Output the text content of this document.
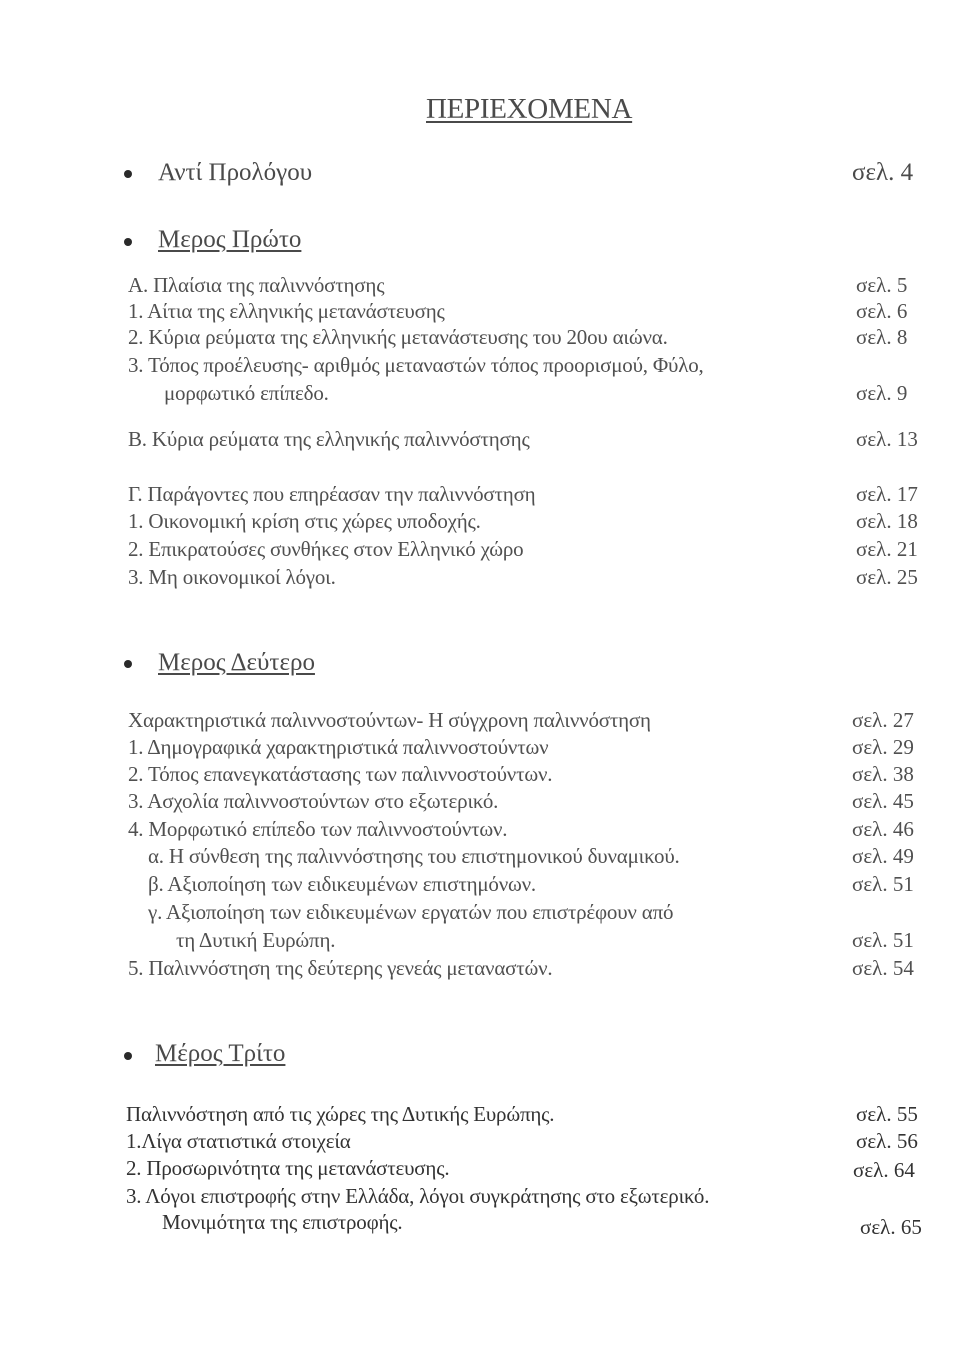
ΠΕΡΙΕΧΟΜΕΝΑ
Αντί Προλόγου	σελ. 4
Μερος Πρώτο
Α. Πλαίσια της παλιννόστησης	σελ. 5
1. Αίτια της ελληνικής μετανάστευσης	σελ. 6
2. Κύρια ρεύματα της ελληνικής μετανάστευσης του 20ου αιώνα.	σελ. 8
3. Τόπος προέλευσης- αριθμός μεταναστών τόπος προορισμού, Φύλο,
μορφωτικό επίπεδο.	σελ. 9
Β. Κύρια ρεύματα της ελληνικής παλιννόστησης	σελ. 13
Γ. Παράγοντες που επηρέασαν την παλιννόστηση	σελ. 17
1. Οικονομική κρίση στις χώρες υποδοχής.	σελ. 18
2. Επικρατούσες συνθήκες στον Ελληνικό χώρο	σελ. 21
3. Μη οικονομικοί λόγοι.	σελ. 25
Μερος Δεύτερο
Χαρακτηριστικά παλιννοστούντων- Η σύγχρονη παλιννόστηση	σελ. 27
1. Δημογραφικά χαρακτηριστικά παλιννοστούντων	σελ. 29
2. Τόπος επανεγκατάστασης των παλιννοστούντων.	σελ. 38
3. Ασχολία παλιννοστούντων στο εξωτερικό.	σελ. 45
4. Μορφωτικό επίπεδο των παλιννοστούντων.	σελ. 46
α. Η σύνθεση της παλιννόστησης του επιστημονικού δυναμικού.	σελ. 49
β. Αξιοποίηση των ειδικευμένων επιστημόνων.	σελ. 51
γ. Αξιοποίηση των ειδικευμένων εργατών που επιστρέφουν από
τη Δυτική Ευρώπη.	σελ. 51
5. Παλιννόστηση της δεύτερης γενεάς μεταναστών.	σελ. 54
Μέρος Τρίτο
Παλιννόστηση από τις χώρες της Δυτικής Ευρώπης.	σελ. 55
1.Λίγα στατιστικά στοιχεία	σελ. 56
2. Προσωρινότητα της μετανάστευσης.	σελ. 64
3. Λόγοι επιστροφής στην Ελλάδα, λόγοι συγκράτησης στο εξωτερικό.
Μονιμότητα της επιστροφής.	σελ. 65
